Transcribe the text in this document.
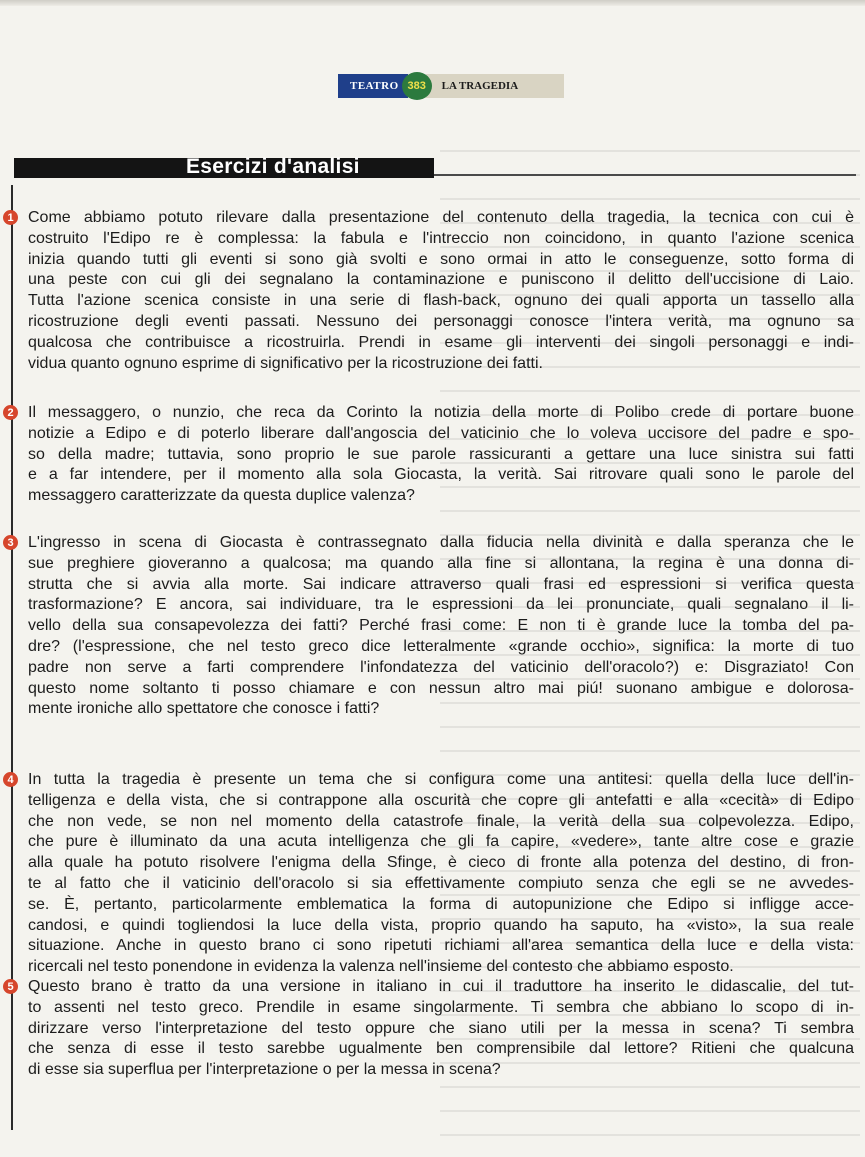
TEATRO 383	LA TRAGEDIA
Esercizi d'analisi
1 Come abbiamo potuto rilevare dalla presentazione del contenuto della tragedia, la tecnica con cui è
costruito l'Edipo re è complessa: la fabula e l'intreccio non coincidono, in quanto l'azione scenica
inizia quando tutti gli eventi si sono già svolti e sono ormai in atto le conseguenze, sotto forma di
una peste con cui gli dei segnalano la contaminazione e puniscono il delitto dell'uccisione di Laio.
Tutta l'azione scenica consiste in una serie di flash-back, ognuno dei quali apporta un tassello alla
ricostruzione degli eventi passati. Nessuno dei personaggi conosce l'intera verità, ma ognuno sa
qualcosa che contribuisce a ricostruirla. Prendi in esame gli interventi dei singoli personaggi e indi-
vidua quanto ognuno esprime di significativo per la ricostruzione dei fatti.
2 Il messaggero, o nunzio, che reca da Corinto la notizia della morte di Polibo crede di portare buone
notizie a Edipo e di poterlo liberare dall'angoscia del vaticinio che lo voleva uccisore del padre e spo-
so della madre; tuttavia, sono proprio le sue parole rassicuranti a gettare una luce sinistra sui fatti
e a far intendere, per il momento alla sola Giocasta, la verità. Sai ritrovare quali sono le parole del
messaggero caratterizzate da questa duplice valenza?
3 L'ingresso in scena di Giocasta è contrassegnato dalla fiducia nella divinità e dalla speranza che le
sue preghiere gioveranno a qualcosa; ma quando alla fine si allontana, la regina è una donna di-
strutta che si avvia alla morte. Sai indicare attraverso quali frasi ed espressioni si verifica questa
trasformazione? E ancora, sai individuare, tra le espressioni da lei pronunciate, quali segnalano il li-
vello della sua consapevolezza dei fatti? Perché frasi come: E non ti è grande luce la tomba del pa-
dre? (l'espressione, che nel testo greco dice letteralmente «grande occhio», significa: la morte di tuo
padre non serve a farti comprendere l'infondatezza del vaticinio dell'oracolo?) e: Disgraziato! Con
questo nome soltanto ti posso chiamare e con nessun altro mai piú! suonano ambigue e dolorosa-
mente ironiche allo spettatore che conosce i fatti?
4 In tutta la tragedia è presente un tema che si configura come una antitesi: quella della luce dell'in-
telligenza e della vista, che si contrappone alla oscurità che copre gli antefatti e alla «cecità» di Edipo
che non vede, se non nel momento della catastrofe finale, la verità della sua colpevolezza. Edipo,
che pure è illuminato da una acuta intelligenza che gli fa capire, «vedere», tante altre cose e grazie
alla quale ha potuto risolvere l'enigma della Sfinge, è cieco di fronte alla potenza del destino, di fron-
te al fatto che il vaticinio dell'oracolo si sia effettivamente compiuto senza che egli se ne avvedes-
se. È, pertanto, particolarmente emblematica la forma di autopunizione che Edipo si infligge acce-
candosi, e quindi togliendosi la luce della vista, proprio quando ha saputo, ha «visto», la sua reale
situazione. Anche in questo brano ci sono ripetuti richiami all'area semantica della luce e della vista:
ricercali nel testo ponendone in evidenza la valenza nell'insieme del contesto che abbiamo esposto.
5 Questo brano è tratto da una versione in italiano in cui il traduttore ha inserito le didascalie, del tut-
to assenti nel testo greco. Prendile in esame singolarmente. Ti sembra che abbiano lo scopo di in-
dirizzare verso l'interpretazione del testo oppure che siano utili per la messa in scena? Ti sembra
che senza di esse il testo sarebbe ugualmente ben comprensibile dal lettore? Ritieni che qualcuna
di esse sia superflua per l'interpretazione o per la messa in scena?
